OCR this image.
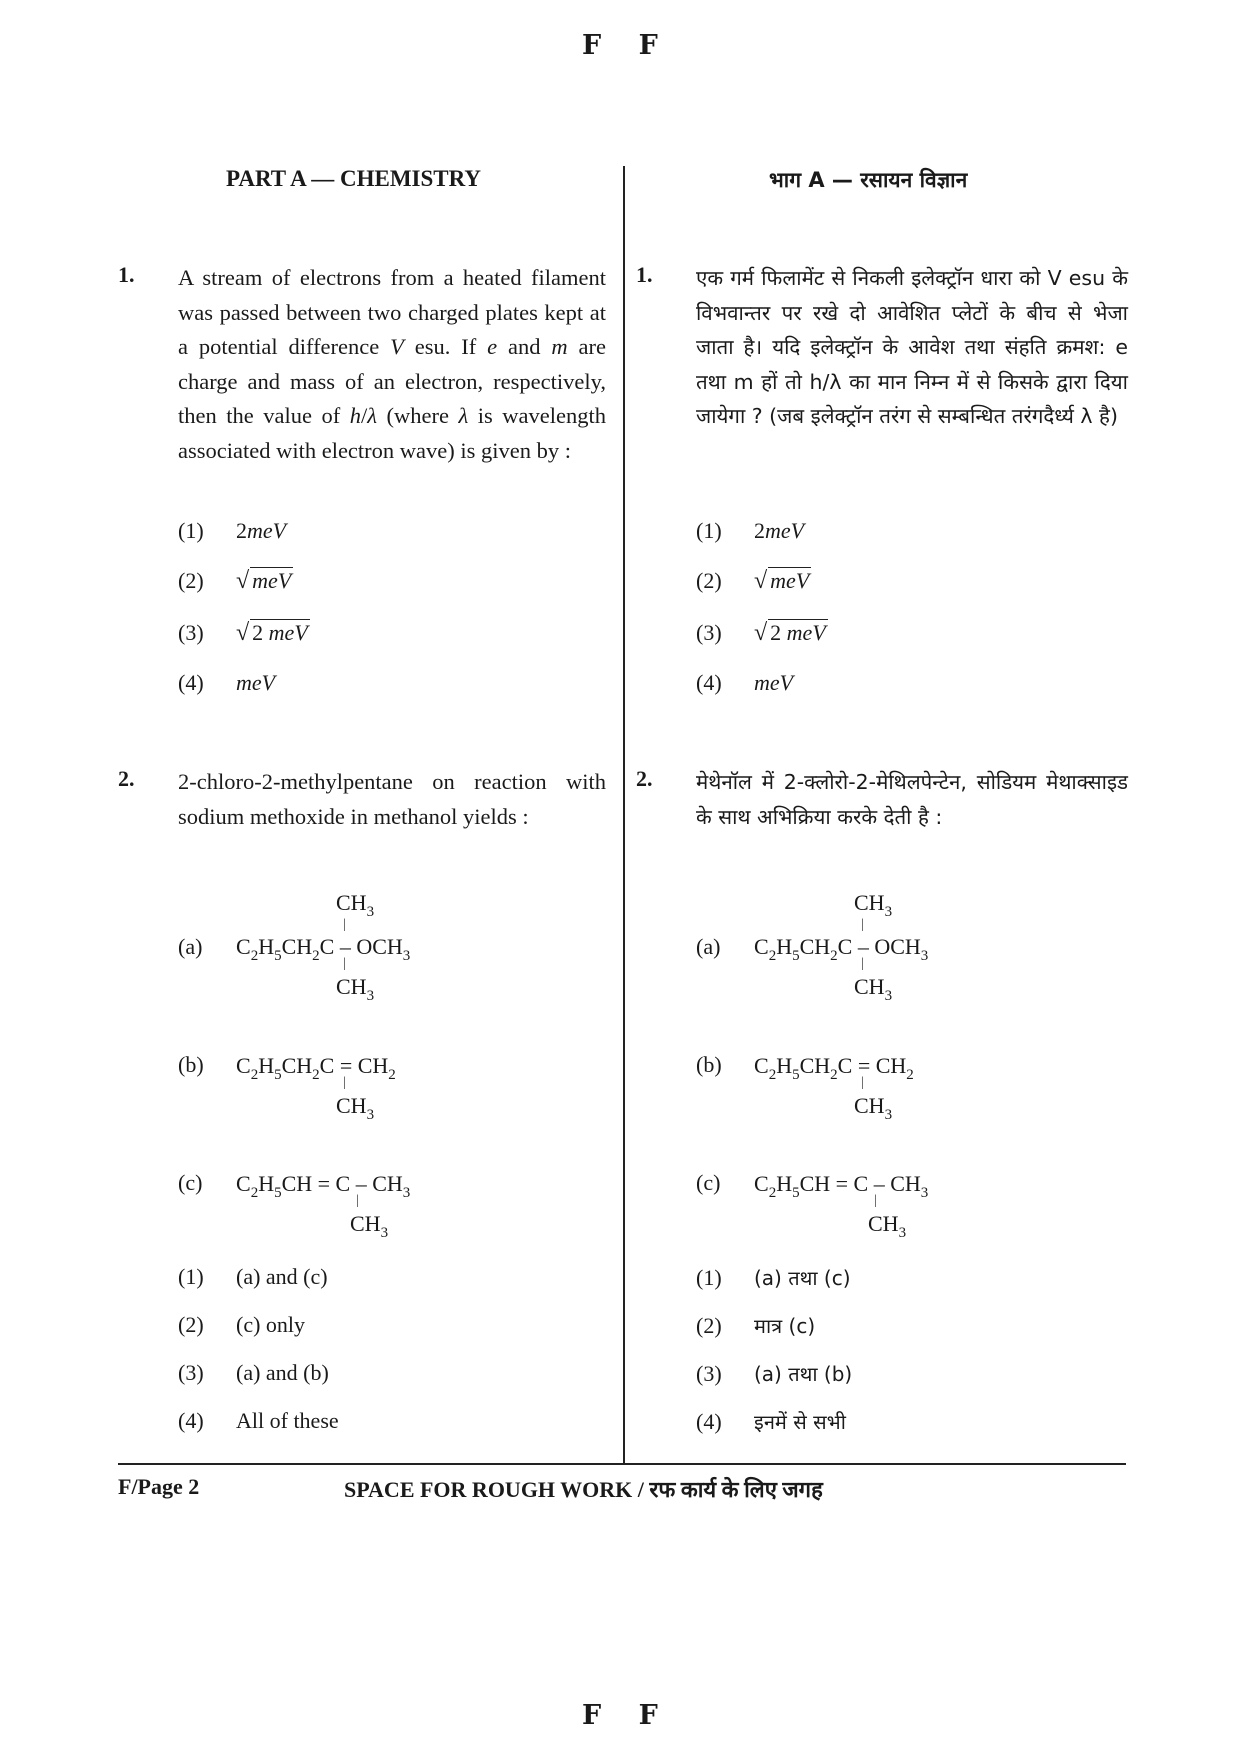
F F
PART A — CHEMISTRY	भाग A — रसायन विज्ञान
1. A stream of electrons from a heated filament was passed between two charged plates kept at a potential difference V esu. If e and m are charge and mass of an electron, respectively, then the value of h/λ (where λ is wavelength associated with electron wave) is given by :
(1) 2meV
(2) √ meV
(3) √ 2 meV
(4) meV
2. 2-chloro-2-methylpentane on reaction with sodium methoxide in methanol yields :
(a)
$CH_3$
|
$C_2H_5CH_2C - OCH_3$
|
$CH_3$
(b) $C_2H_5CH_2C = CH_2$
|
$CH_3$
(c) $C_2H_5CH = C - CH_3$
|
$CH_3$
(1) (a) and (c)
(2) (c) only
(3) (a) and (b)
(4) All of these
1. एक गर्म फिलामेंट से निकली इलेक्ट्रॉन धारा को V esu के विभवान्तर पर रखे दो आवेशित प्लेटों के बीच से भेजा जाता है। यदि इलेक्ट्रॉन के आवेश तथा संहति क्रमश: e तथा m हों तो h/λ का मान निम्न में से किसके द्वारा दिया जायेगा ? (जब इलेक्ट्रॉन तरंग से सम्बन्धित तरंगदैर्ध्य λ है)
(1) 2meV
(2) √ meV
(3) √ 2 meV
(4) meV
2. मेथेनॉल में 2-क्लोरो-2-मेथिलपेन्टेन, सोडियम मेथाक्साइड के साथ अभिक्रिया करके देती है :
(a)
$CH_3$
|
$C_2H_5CH_2C - OCH_3$
|
$CH_3$
(b) $C_2H_5CH_2C = CH_2$
|
$CH_3$
(c) $C_2H_5CH = C - CH_3$
|
$CH_3$
(1) (a) तथा (c)
(2) मात्र (c)
(3) (a) तथा (b)
(4) इनमें से सभी
F/Page 2	SPACE FOR ROUGH WORK / रफ कार्य के लिए जगह
F F
